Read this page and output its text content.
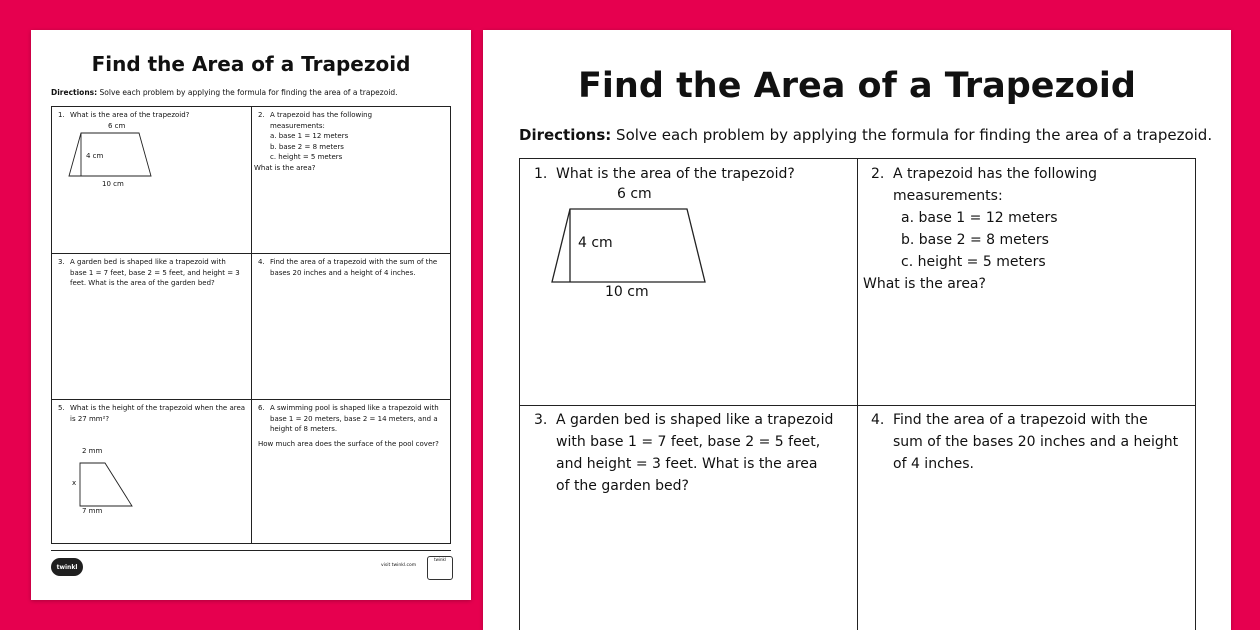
Find the Area of a Trapezoid
Directions: Solve each problem by applying the formula for finding the area of a trapezoid.
1. What is the area of the trapezoid?
6 cm
4 cm
10 cm
2. A trapezoid has the following
measurements:
a. base 1 = 12 meters
b. base 2 = 8 meters
c. height = 5 meters
What is the area?
3. A garden bed is shaped like a trapezoid with base 1 = 7 feet, base 2 = 5 feet, and height = 3 feet. What is the area of the garden bed?
4. Find the area of a trapezoid with the sum of the bases 20 inches and a height of 4 inches.
5. What is the height of the trapezoid when the area is 27 mm²?
2 mm
x
7 mm
6. A swimming pool is shaped like a trapezoid with base 1 = 20 meters, base 2 = 14 meters, and a height of 8 meters.
How much area does the surface of the pool cover?
twinkl	visit twinkl.com
twinkl
Find the Area of a Trapezoid
Directions: Solve each problem by applying the formula for finding the area of a trapezoid.
1. What is the area of the trapezoid?
6 cm
4 cm
10 cm
2. A trapezoid has the following
measurements:
a. base 1 = 12 meters
b. base 2 = 8 meters
c. height = 5 meters
What is the area?
3. A garden bed is shaped like a trapezoid with base 1 = 7 feet, base 2 = 5 feet, and height = 3 feet. What is the area of the garden bed?
4. Find the area of a trapezoid with the sum of the bases 20 inches and a height of 4 inches.
